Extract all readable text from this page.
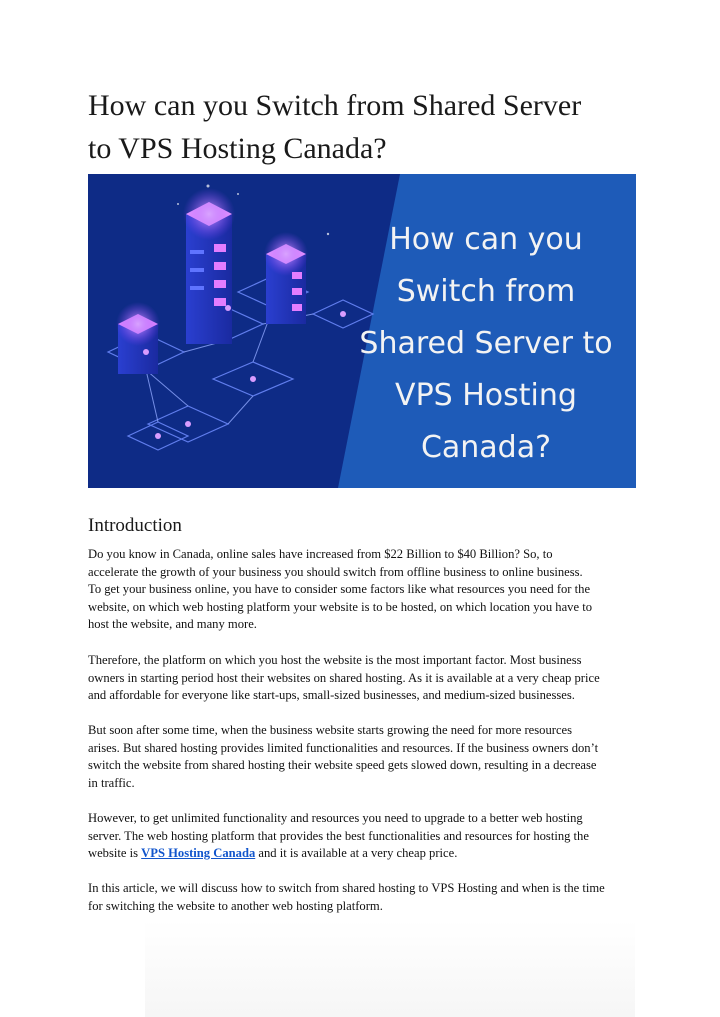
How can you Switch from Shared Server
to VPS Hosting Canada?
How can you
Switch from
Shared Server to
VPS Hosting
Canada?
Introduction

Do you know in Canada, online sales have increased from $22 Billion to $40 Billion? So, to
accelerate the growth of your business you should switch from offline business to online business.
To get your business online, you have to consider some factors like what resources you need for the
website, on which web hosting platform your website is to be hosted, on which location you have to
host the website, and many more.

Therefore, the platform on which you host the website is the most important factor. Most business
owners in starting period host their websites on shared hosting. As it is available at a very cheap price
and affordable for everyone like start-ups, small-sized businesses, and medium-sized businesses.

But soon after some time, when the business website starts growing the need for more resources
arises. But shared hosting provides limited functionalities and resources. If the business owners don’t
switch the website from shared hosting their website speed gets slowed down, resulting in a decrease
in traffic.

However, to get unlimited functionality and resources you need to upgrade to a better web hosting
server. The web hosting platform that provides the best functionalities and resources for hosting the
website is VPS Hosting Canada and it is available at a very cheap price.

In this article, we will discuss how to switch from shared hosting to VPS Hosting and when is the time
for switching the website to another web hosting platform.
